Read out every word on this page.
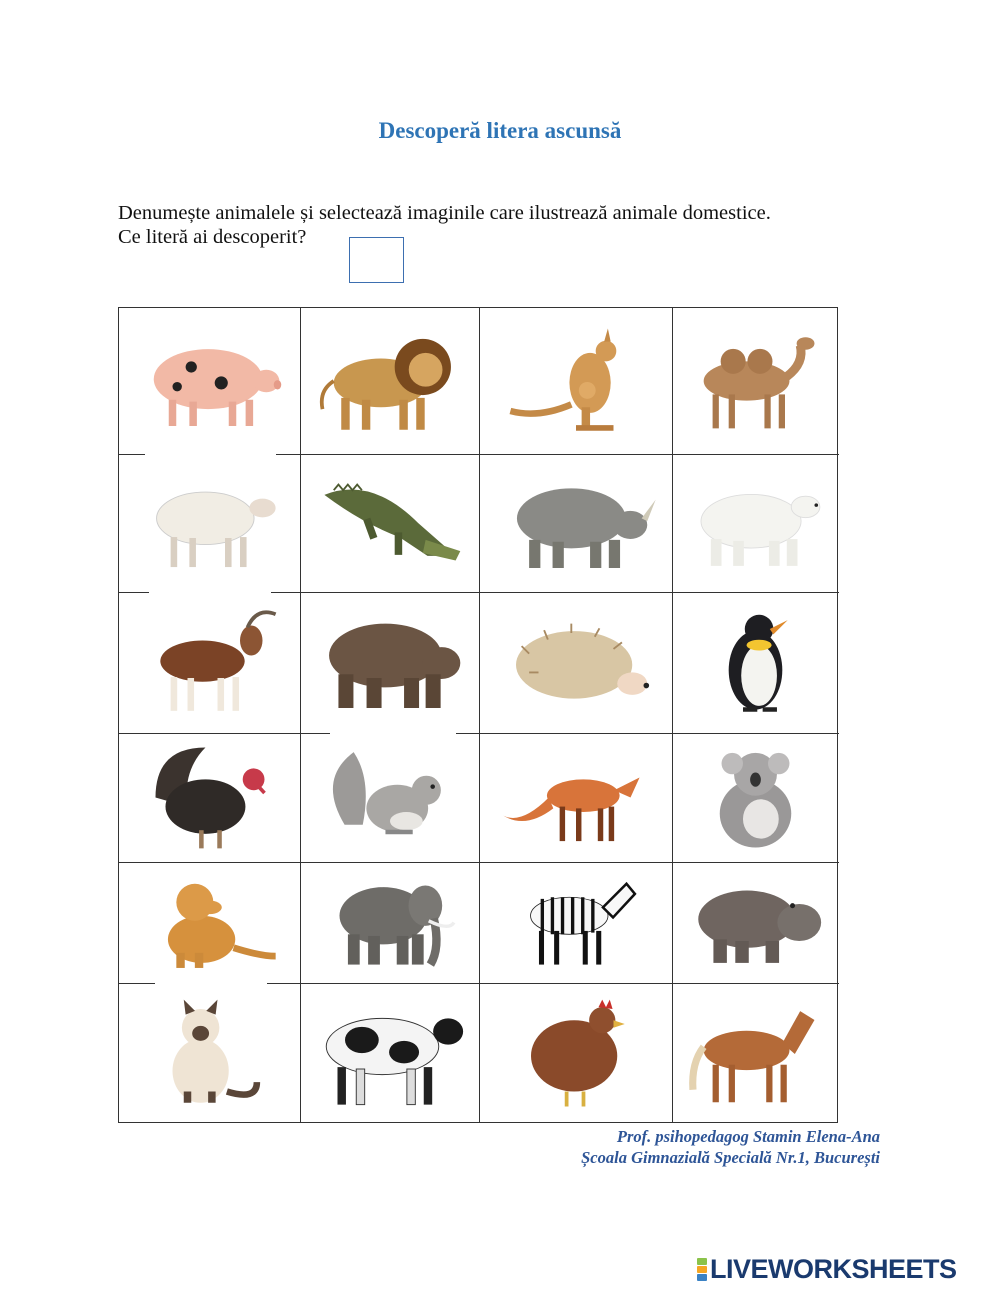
Descoperă litera ascunsă
Denumește animalele și selectează imaginile care ilustrează animale domestice.
Ce literă ai descoperit?
Prof. psihopedagog Stamin Elena-Ana
Școala Gimnazială Specială Nr.1, București
LIVEWORKSHEETS
